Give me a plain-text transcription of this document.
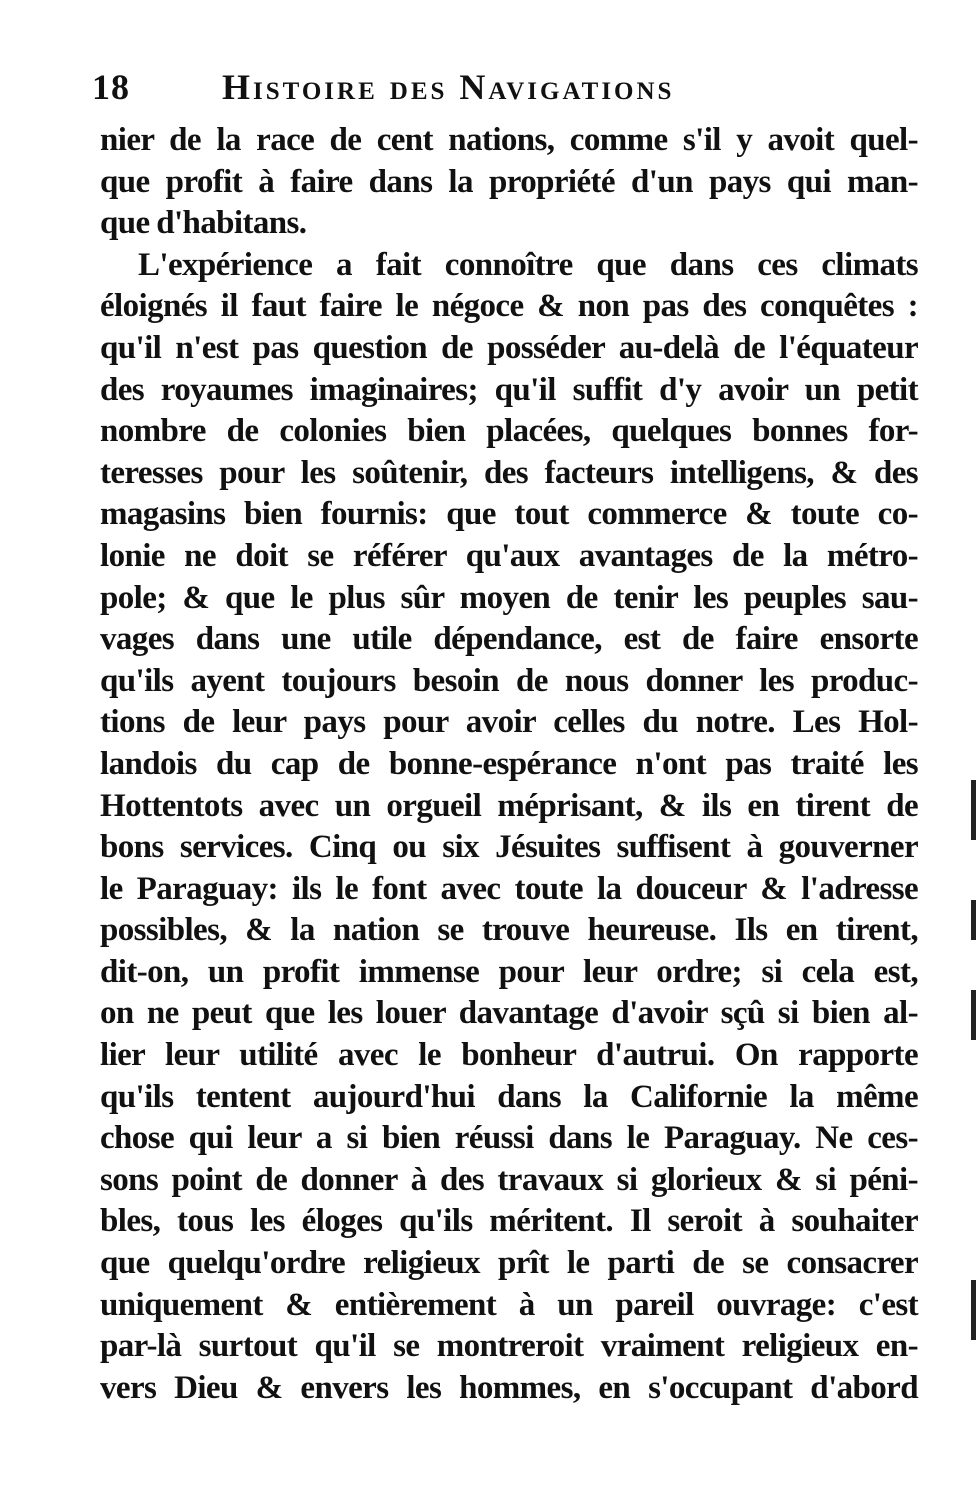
18	Histoire des Navigations
nier de la race de cent nations, comme s'il y avoit quel-
que profit à faire dans la propriété d'un pays qui man-
que d'habitans.
L'expérience a fait connoître que dans ces climats
éloignés il faut faire le négoce & non pas des conquêtes :
qu'il n'est pas question de posséder au-delà de l'équateur
des royaumes imaginaires; qu'il suffit d'y avoir un petit
nombre de colonies bien placées, quelques bonnes for-
teresses pour les soûtenir, des facteurs intelligens, & des
magasins bien fournis: que tout commerce & toute co-
lonie ne doit se référer qu'aux avantages de la métro-
pole; & que le plus sûr moyen de tenir les peuples sau-
vages dans une utile dépendance, est de faire ensorte
qu'ils ayent toujours besoin de nous donner les produc-
tions de leur pays pour avoir celles du notre. Les Hol-
landois du cap de bonne-espérance n'ont pas traité les
Hottentots avec un orgueil méprisant, & ils en tirent de
bons services. Cinq ou six Jésuites suffisent à gouverner
le Paraguay: ils le font avec toute la douceur & l'adresse
possibles, & la nation se trouve heureuse. Ils en tirent,
dit-on, un profit immense pour leur ordre; si cela est,
on ne peut que les louer davantage d'avoir sçû si bien al-
lier leur utilité avec le bonheur d'autrui. On rapporte
qu'ils tentent aujourd'hui dans la Californie la même
chose qui leur a si bien réussi dans le Paraguay. Ne ces-
sons point de donner à des travaux si glorieux & si péni-
bles, tous les éloges qu'ils méritent. Il seroit à souhaiter
que quelqu'ordre religieux prît le parti de se consacrer
uniquement & entièrement à un pareil ouvrage: c'est
par-là surtout qu'il se montreroit vraiment religieux en-
vers Dieu & envers les hommes, en s'occupant d'abord
